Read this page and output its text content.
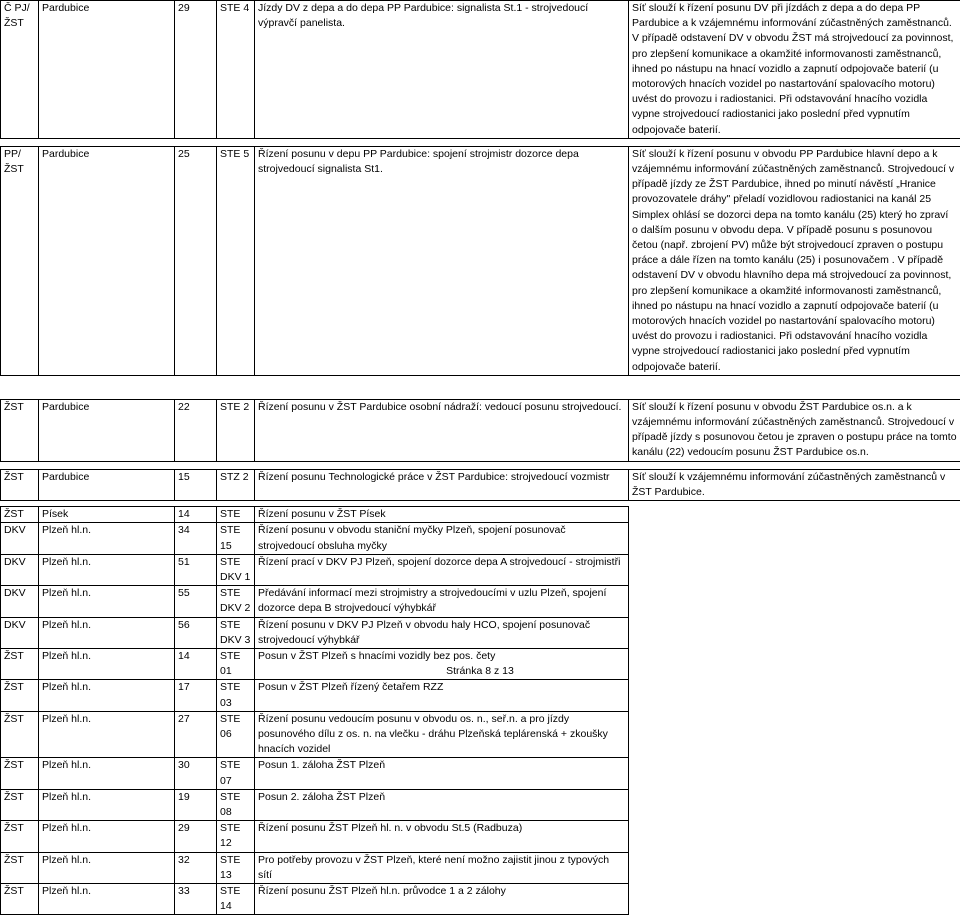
Č PJ/ŽST	Pardubice	29	STE 4	Jízdy DV z depa a do depa PP Pardubice: signalista St.1 - strojvedoucí výpravčí panelista.	Síť slouží k řízení posunu DV při jízdách z depa a do depa PP Pardubice a k vzájemnému informování zúčastněných zaměstnanců. V případě odstavení DV v obvodu ŽST má strojvedoucí za povinnost, pro zlepšení komunikace a okamžité informovanosti zaměstnanců, ihned po nástupu na hnací vozidlo a zapnutí odpojovače baterií (u motorových hnacích vozidel po nastartování spalovacího motoru) uvést do provozu i radiostanici. Při odstavování hnacího vozidla vypne strojvedoucí radiostanici jako poslední před vypnutím odpojovače baterií.

PP/ŽST	Pardubice	25	STE 5	Řízení posunu v depu PP Pardubice: spojení strojmistr dozorce depa strojvedoucí signalista St1.	Síť slouží k řízení posunu v obvodu PP Pardubice hlavní depo a k vzájemnému informování zúčastněných zaměstnanců. Strojvedoucí v případě jízdy ze ŽST Pardubice, ihned po minutí návěstí „Hranice provozovatele dráhy" přeladí vozidlovou radiostanici na kanál 25 Simplex ohlásí se dozorci depa na tomto kanálu (25) který ho zpraví o dalším posunu v obvodu depa. V případě posunu s posunovou četou (např. zbrojení PV) může být strojvedoucí zpraven o postupu práce a dále řízen na tomto kanálu (25) i posunovačem . V případě odstavení DV v obvodu hlavního depa má strojvedoucí za povinnost, pro zlepšení komunikace a okamžité informovanosti zaměstnanců, ihned po nástupu na hnací vozidlo a zapnutí odpojovače baterií (u motorových hnacích vozidel po nastartování spalovacího motoru) uvést do provozu i radiostanici. Při odstavování hnacího vozidla vypne strojvedoucí radiostanici jako poslední před vypnutím odpojovače baterií.

ŽST	Pardubice	22	STE 2	Řízení posunu v ŽST Pardubice osobní nádraží: vedoucí posunu strojvedoucí.	Síť slouží k řízení posunu v obvodu ŽST Pardubice os.n. a k vzájemnému informování zúčastněných zaměstnanců. Strojvedoucí v případě jízdy s posunovou četou je zpraven o postupu práce na tomto kanálu (22) vedoucím posunu ŽST Pardubice os.n.

ŽST	Pardubice	15	STZ 2	Řízení posunu Technologické práce v ŽST Pardubice: strojvedoucí vozmistr	Síť slouží k vzájemnému informování zúčastněných zaměstnanců v ŽST Pardubice.

ŽST	Písek	14	STE	Řízení posunu v ŽST Písek	
DKV	Plzeň hl.n.	34	STE 15	Řízení posunu v obvodu staniční myčky Plzeň, spojení posunovač strojvedoucí obsluha myčky	
DKV	Plzeň hl.n.	51	STE DKV 1	Řízení prací v DKV PJ Plzeň, spojení dozorce depa A strojvedoucí - strojmistři	
DKV	Plzeň hl.n.	55	STE DKV 2	Předávání informací mezi strojmistry a strojvedoucími v uzlu Plzeň, spojení dozorce depa B strojvedoucí výhybkář	
DKV	Plzeň hl.n.	56	STE DKV 3	Řízení posunu v DKV PJ Plzeň v obvodu haly HCO, spojení posunovač strojvedoucí výhybkář	
ŽST	Plzeň hl.n.	14	STE 01	Posun v ŽST Plzeň s hnacími vozidly bez pos. čety	
ŽST	Plzeň hl.n.	17	STE 03	Posun v ŽST Plzeň řízený četařem RZZ	
ŽST	Plzeň hl.n.	27	STE 06	Řízení posunu vedoucím posunu v obvodu os. n., seř.n. a pro jízdy posunového dílu z os. n. na vlečku - dráhu Plzeňská teplárenská + zkoušky hnacích vozidel	
ŽST	Plzeň hl.n.	30	STE 07	Posun 1. záloha ŽST Plzeň	
ŽST	Plzeň hl.n.	19	STE 08	Posun 2. záloha ŽST Plzeň	
ŽST	Plzeň hl.n.	29	STE 12	Řízení posunu ŽST Plzeň hl. n. v obvodu St.5 (Radbuza)	
ŽST	Plzeň hl.n.	32	STE 13	Pro potřeby provozu v ŽST Plzeň, které není možno zajistit jinou z typových sítí	
ŽST	Plzeň hl.n.	33	STE 14	Řízení posunu ŽST Plzeň hl.n. průvodce 1 a 2 zálohy	
Stránka 8 z 13
